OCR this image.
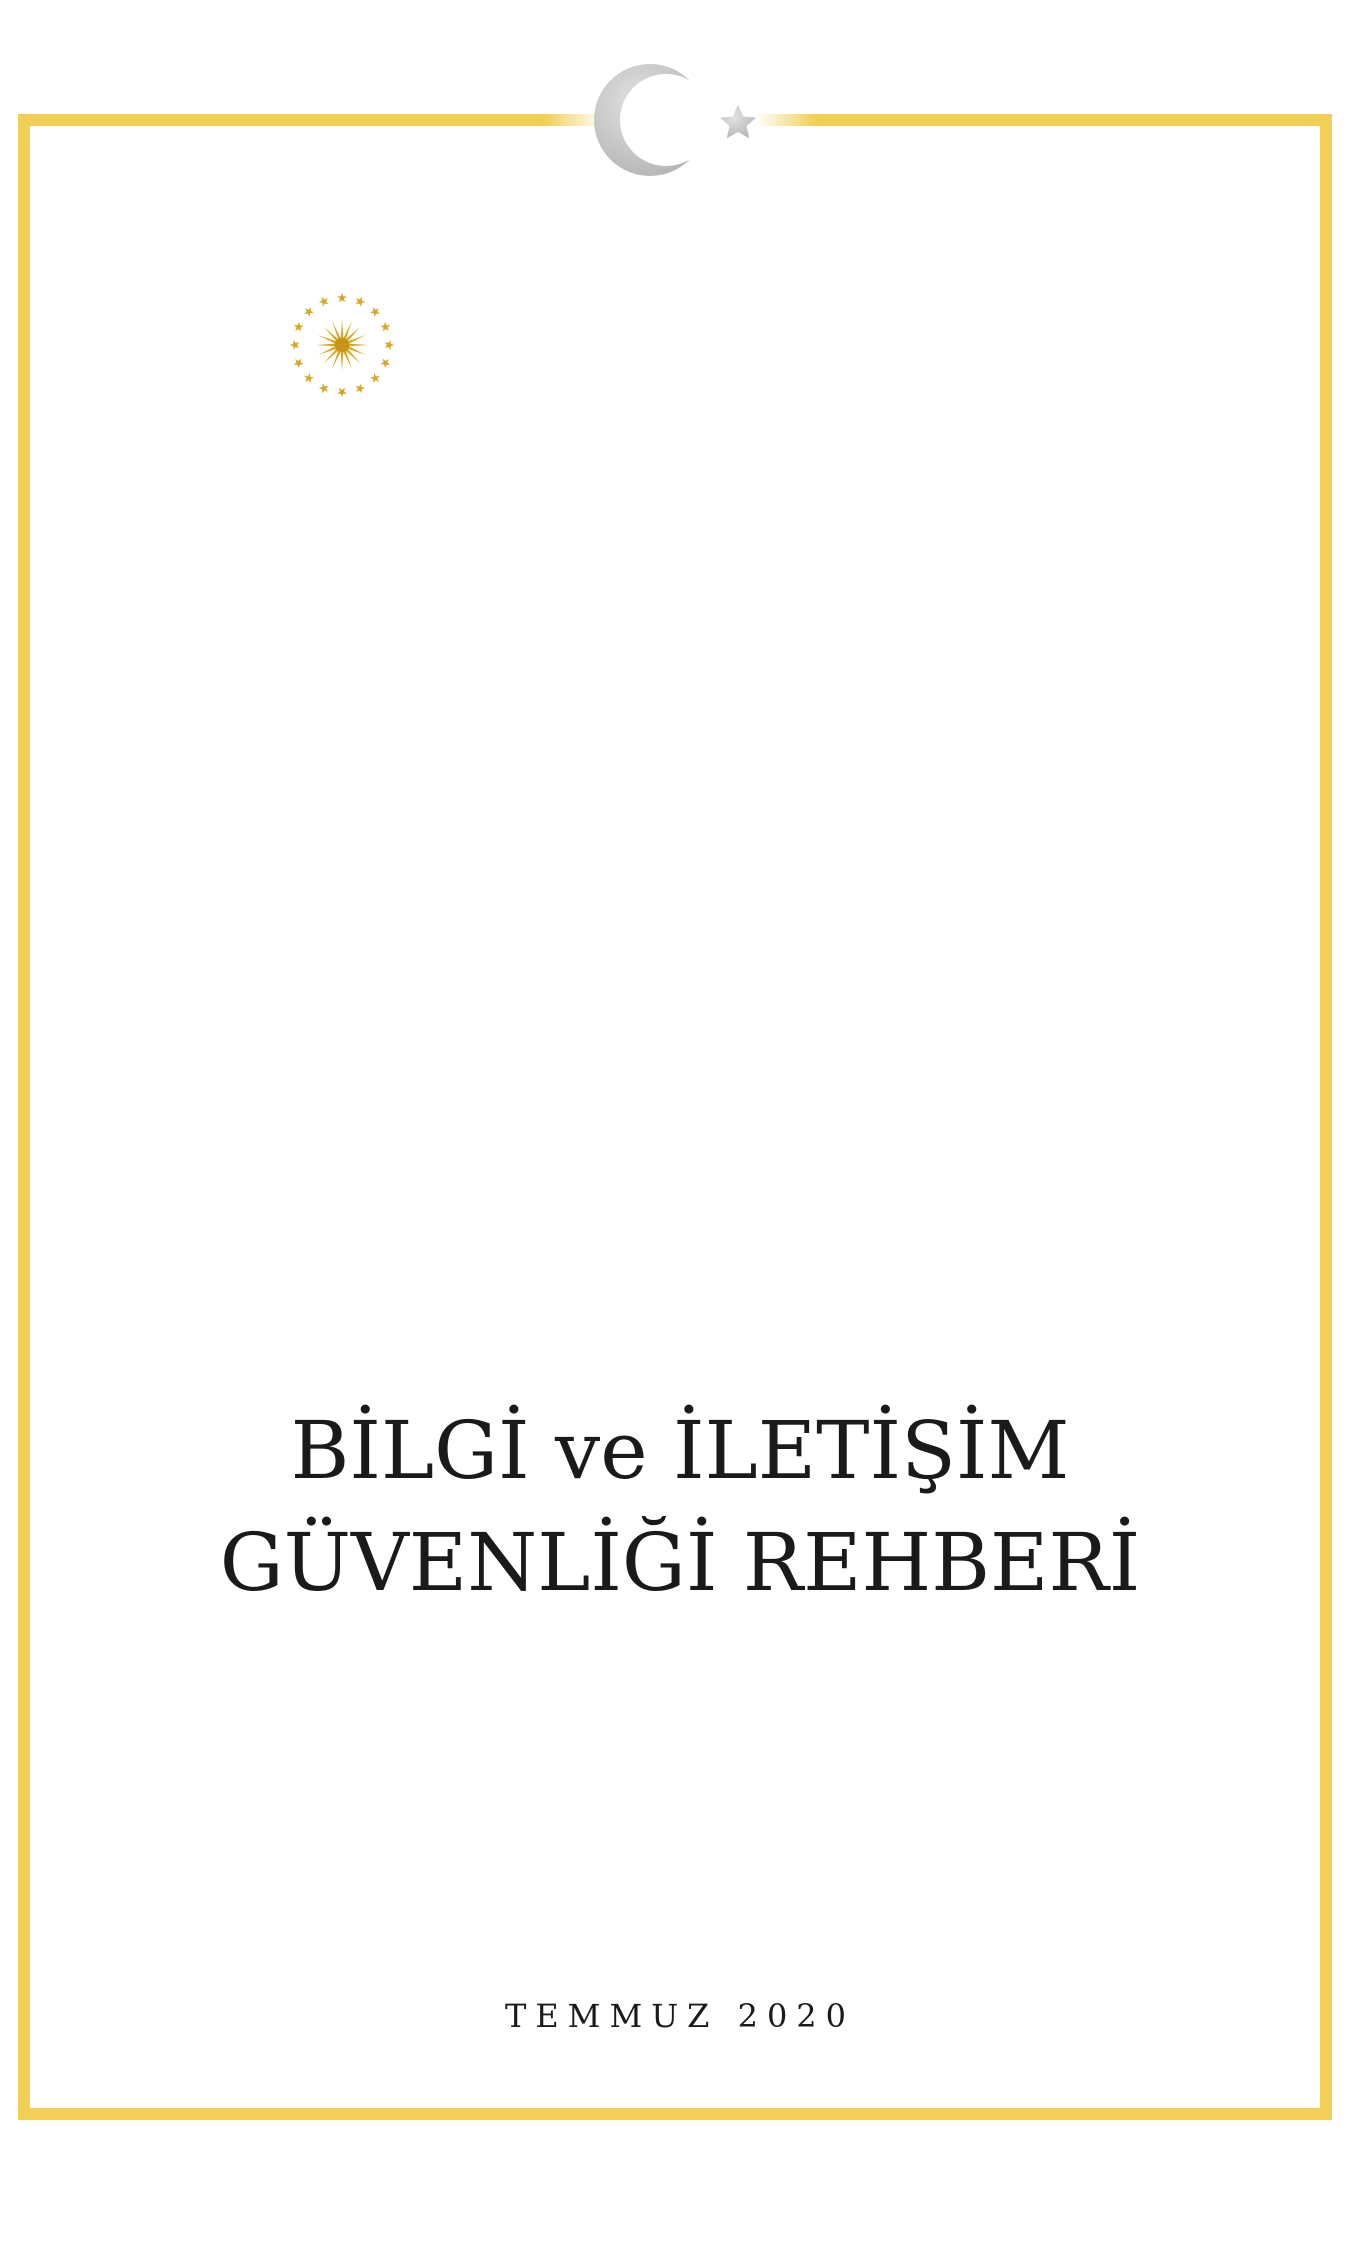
BİLGİ ve İLETİŞİM
GÜVENLİĞİ REHBERİ
TEMMUZ 2020
